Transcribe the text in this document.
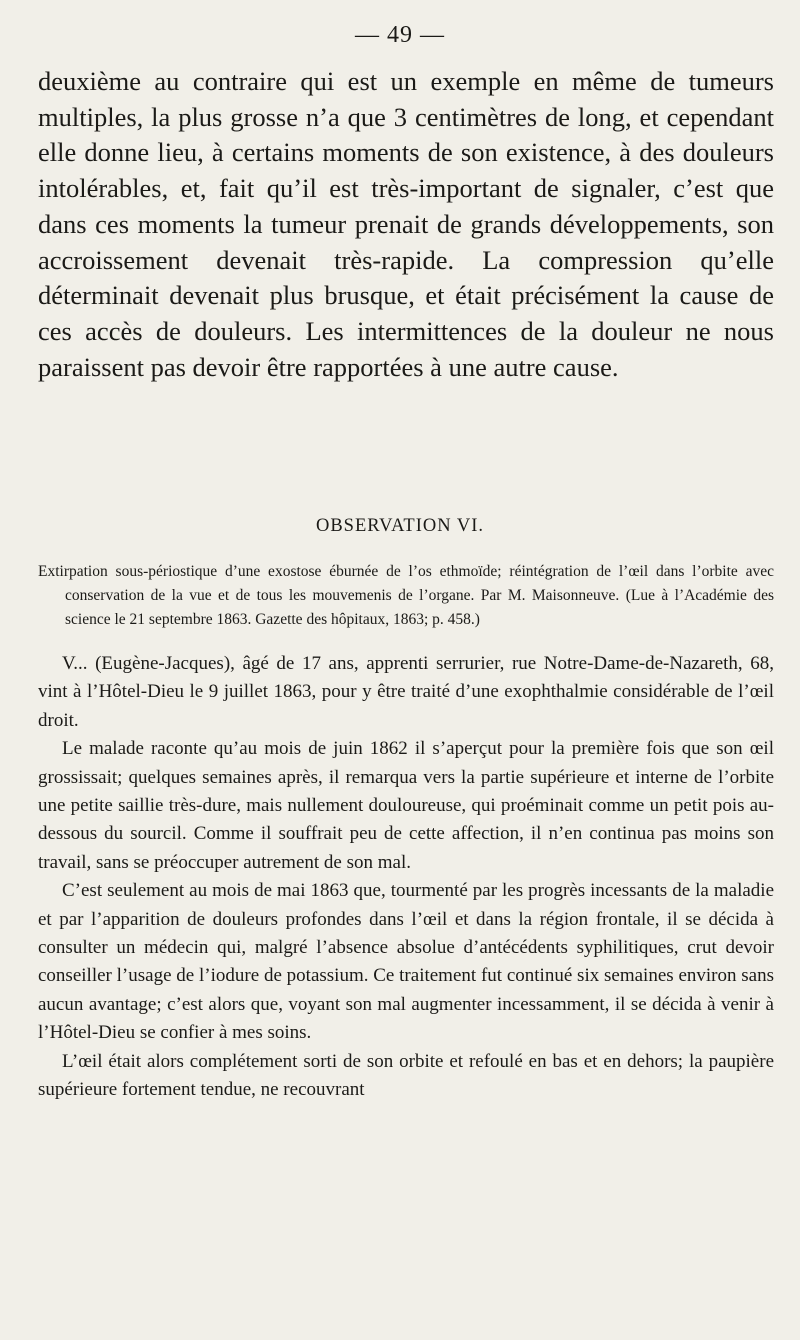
— 49 —

deuxième au contraire qui est un exemple en même de tumeurs multiples, la plus grosse n’a que 3 centimètres de long, et cependant elle donne lieu, à certains moments de son existence, à des douleurs intolérables, et, fait qu’il est très-important de signaler, c’est que dans ces moments la tumeur prenait de grands développements, son accroissement devenait très-rapide. La compression qu’elle déterminait devenait plus brusque, et était précisément la cause de ces accès de douleurs. Les intermittences de la douleur ne nous paraissent pas devoir être rapportées à une autre cause.

OBSERVATION VI.

Extirpation sous-périostique d’une exostose éburnée de l’os ethmoïde; réintégration de l’œil dans l’orbite avec conservation de la vue et de tous les mouvemenis de l’organe. Par M. Maisonneuve. (Lue à l’Académie des science le 21 septembre 1863. Gazette des hôpitaux, 1863; p. 458.)

V... (Eugène-Jacques), âgé de 17 ans, apprenti serrurier, rue Notre-Dame-de-Nazareth, 68, vint à l’Hôtel-Dieu le 9 juillet 1863, pour y être traité d’une exophthalmie considérable de l’œil droit.

Le malade raconte qu’au mois de juin 1862 il s’aperçut pour la première fois que son œil grossissait; quelques semaines après, il remarqua vers la partie supérieure et interne de l’orbite une petite saillie très-dure, mais nullement douloureuse, qui proéminait comme un petit pois au-dessous du sourcil. Comme il souffrait peu de cette affection, il n’en continua pas moins son travail, sans se préoccuper autrement de son mal.

C’est seulement au mois de mai 1863 que, tourmenté par les progrès incessants de la maladie et par l’apparition de douleurs profondes dans l’œil et dans la région frontale, il se décida à consulter un médecin qui, malgré l’absence absolue d’antécédents syphilitiques, crut devoir conseiller l’usage de l’iodure de potassium. Ce traitement fut continué six semaines environ sans aucun avantage; c’est alors que, voyant son mal augmenter incessamment, il se décida à venir à l’Hôtel-Dieu se confier à mes soins.

L’œil était alors complétement sorti de son orbite et refoulé en bas et en dehors; la paupière supérieure fortement tendue, ne recouvrant
